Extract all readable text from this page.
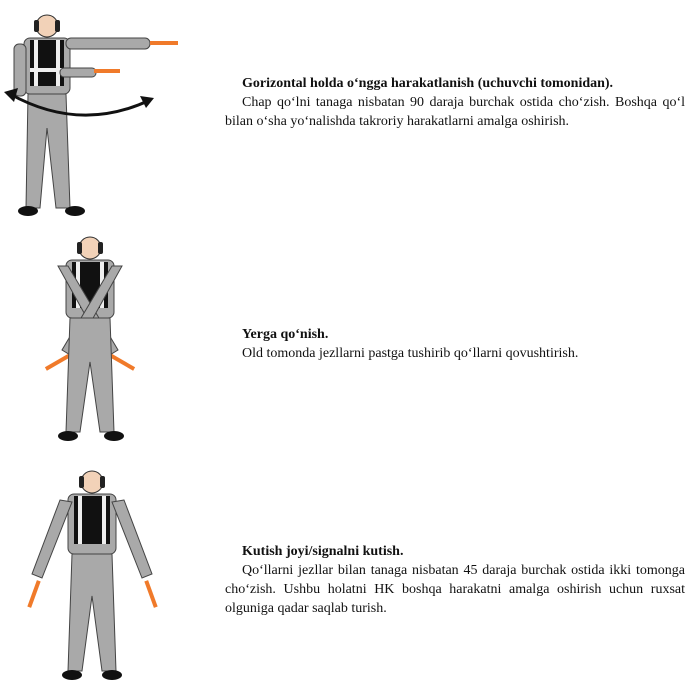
Gorizontal holda o‘ngga harakatlanish (uchuvchi tomonidan).
Chap qo‘lni tanaga nisbatan 90 daraja burchak ostida cho‘zish. Boshqa qo‘l bilan o‘sha yo‘nalishda takroriy harakatlarni amalga oshirish.
Yerga qo‘nish.
Old tomonda jezllarni pastga tushirib qo‘llarni qovushtirish.
Kutish joyi/signalni kutish.
Qo‘llarni jezllar bilan tanaga nisbatan 45 daraja burchak ostida ikki tomonga cho‘zish. Ushbu holatni HK boshqa harakatni amalga oshirish uchun ruxsat olguniga qadar saqlab turish.
